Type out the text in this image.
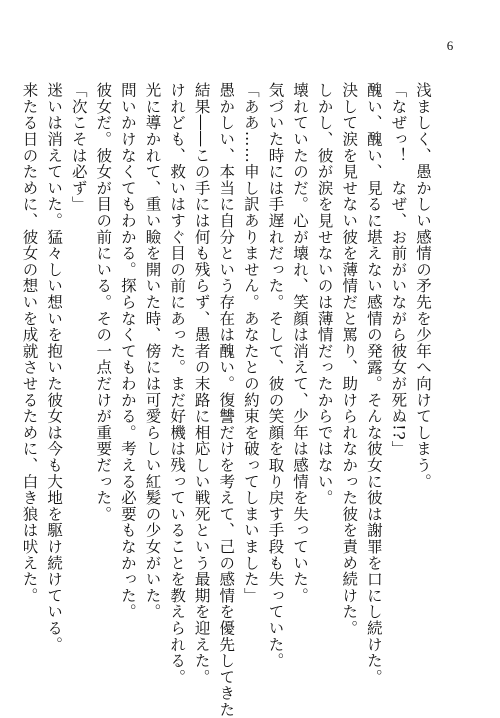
6
浅ましく、愚かしい感情の矛先を少年へ向けてしまう。
「なぜっ！　なぜ、お前がいながら彼女が死ぬ!?」
醜い、醜い、見るに堪えない感情の発露。そんな彼女に彼は謝罪を口にし続けた。
決して涙を見せない彼を薄情だと罵り、助けられなかった彼を責め続けた。
しかし、彼が涙を見せないのは薄情だったからではない。
壊れていたのだ。心が壊れ、笑顔は消えて、少年は感情を失っていた。
気づいた時には手遅れだった。そして、彼の笑顔を取り戻す手段も失っていた。
「ああ……申し訳ありません。あなたとの約束を破ってしまいました」
愚かしい、本当に自分という存在は醜い。復讐だけを考えて、己の感情を優先してきた
結果――この手には何も残らず、愚者の末路に相応しい戦死という最期を迎えた。
けれども、救いはすぐ目の前にあった。まだ好機は残っていることを教えられる。
光に導かれて、重い瞼を開いた時、傍には可愛らしい紅髪の少女がいた。
問いかけなくてもわかる。探らなくてもわかる。考える必要もなかった。
彼女だ。彼女が目の前にいる。その一点だけが重要だった。
「次こそは必ず」
迷いは消えていた。猛々しい想いを抱いた彼女は今も大地を駆け続けている。
来たる日のために、彼女の想いを成就させるために、白き狼は吠えた。
